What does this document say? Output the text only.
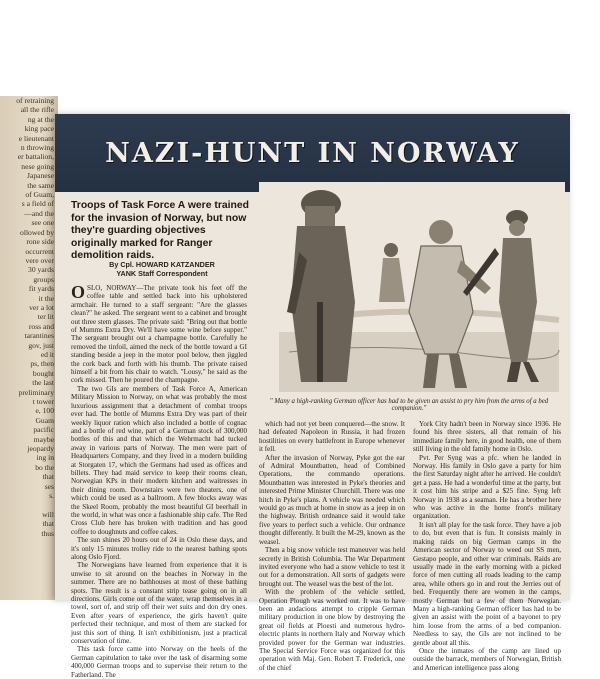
of retraining
all the rifle
ng at the
king pace
e lieutenant
n throwing
er battalion,
nese going
Japanese
the same
of Guam,
s a field of
—and the
see one
ollowed by
rone side
occurrent
vere over
30 yards
groups
fit yards
it the
ver a lot
ter lit
ross and
tarantines
gov, just
ed it
ps, then
bought
the last
preliminary
t tower
e, 100
Guam
pacific
maybe
jeopardy
ing in
bo the
that
ses
s.

will
that
thus
NAZI-HUNT IN NORWAY
Troops of Task Force A were trained for the invasion of Norway, but now they're guarding objectives originally marked for Ranger demolition raids.
By Cpl. HOWARD KATZANDER
YANK Staff Correspondent

OSLO, NORWAY—The private took his feet off the coffee table and settled back into his upholstered armchair. He turned to a staff sergeant: "Are the glasses clean?" he asked. The sergeant went to a cabinet and brought out three stem glasses. The private said: "Bring out that bottle of Mumms Extra Dry. We'll have some wine before supper." The sergeant brought out a champagne bottle. Carefully he removed the tinfoil, aimed the neck of the bottle toward a GI standing beside a jeep in the motor pool below, then jiggled the cork back and forth with his thumb. The private raised himself a bit from his chair to watch. "Lousy," he said as the cork missed. Then he poured the champagne.

The two GIs are members of Task Force A, American Military Mission to Norway, on what was probably the most luxurious assignment that a detachment of combat troops ever had. The bottle of Mumms Extra Dry was part of their weekly liquor ration which also included a bottle of cognac and a bottle of red wine, part of a German stock of 300,000 bottles of this and that which the Wehrmacht had tucked away in various parts of Norway. The men were part of Headquarters Company, and they lived in a modern building at Storgaten 17, which the Germans had used as offices and billets. They had maid service to keep their rooms clean, Norwegian KPs in their modern kitchen and waitresses in their dining room. Downstairs were two theaters, one of which could be used as a ballroom. A few blocks away was the Skeel Room, probably the most beautiful GI beerhall in the world, in what was once a fashionable ship cafe. The Red Cross Club here has broken with tradition and has good coffee to doughnuts and coffee cakes.

The sun shines 20 hours out of 24 in Oslo these days, and it's only 15 minutes trolley ride to the nearest bathing spots along Oslo Fjord.

The Norwegians have learned from experience that it is unwise to sit around on the beaches in Norway in the summer. There are no bathhouses at most of these bathing spots. The result is a constant strip tease going on in all directions. Girls come out of the water, wrap themselves in a towel, sort of, and strip off their wet suits and don dry ones. Even after years of experience, the girls haven't quite perfected their technique, and most of them are stacked for just this sort of thing. It isn't exhibitionism, just a practical conservation of time.

This task force came into Norway on the heels of the German capitulation to take over the task of disarming some 400,000 German troops and to supervise their return to the Fatherland. The

which had not yet been conquered—the snow. It had defeated Napoleon in Russia, it had frozen hostilities on every battlefront in Europe whenever it fell.

After the invasion of Norway, Pyke got the ear of Admiral Mountbatten, head of Combined Operations, the commando operations. Mountbatten was interested in Pyke's theories and interested Prime Minister Churchill. There was one hitch in Pyke's plans. A vehicle was needed which would go as much at home in snow as a jeep in on the highway. British ordnance said it would take five years to perfect such a vehicle. Our ordnance thought differently. It built the M-29, known as the weasel.

Then a big snow vehicle test maneuver was held secretly in British Columbia. The War Department invited everyone who had a snow vehicle to test it out for a demonstration. All sorts of gadgets were brought out. The weasel was the best of the lot.

With the problem of the vehicle settled, Operation Plough was worked out. It was to have been an audacious attempt to cripple German military production in one blow by destroying the great oil fields at Ploesti and numerous hydro-electric plants in northern Italy and Norway which provided power for the German war industries. The Special Service Force was organized for this operation with Maj. Gen. Robert T. Frederick, one of the chief

York City hadn't been in Norway since 1936. He found his three sisters, all that remain of his immediate family here, in good health, one of them still living in the old family home in Oslo.

Pvt. Per Syng was a pfc. when he landed in Norway. His family in Oslo gave a party for him the first Saturday night after he arrived. He couldn't get a pass. He had a wonderful time at the party, but it cost him his stripe and a $25 fine. Syng left Norway in 1938 as a seaman. He has a brother here who was active in the home front's military organization.

It isn't all play for the task force. They have a job to do, but even that is fun. It consists mainly in making raids on big German camps in the American sector of Norway to weed out SS men, Gestapo people, and other war criminals. Raids are usually made in the early morning with a picked force of men cutting all roads leading to the camp area, while others go in and rout the Jerries out of bed. Frequently there are women in the camps, mostly German but a few of them Norwegian. Many a high-ranking German officer has had to be given an assist with the point of a bayonet to pry him loose from the arms of a bed companion. Needless to say, the GIs are not inclined to be gentle about all this.

Once the inmates of the camp are lined up outside the barrack, members of Norwegian, British and American intelligence pass along

" Many a high-ranking German officer has had to be given an assist to pry him from the arms of a bed companion."
